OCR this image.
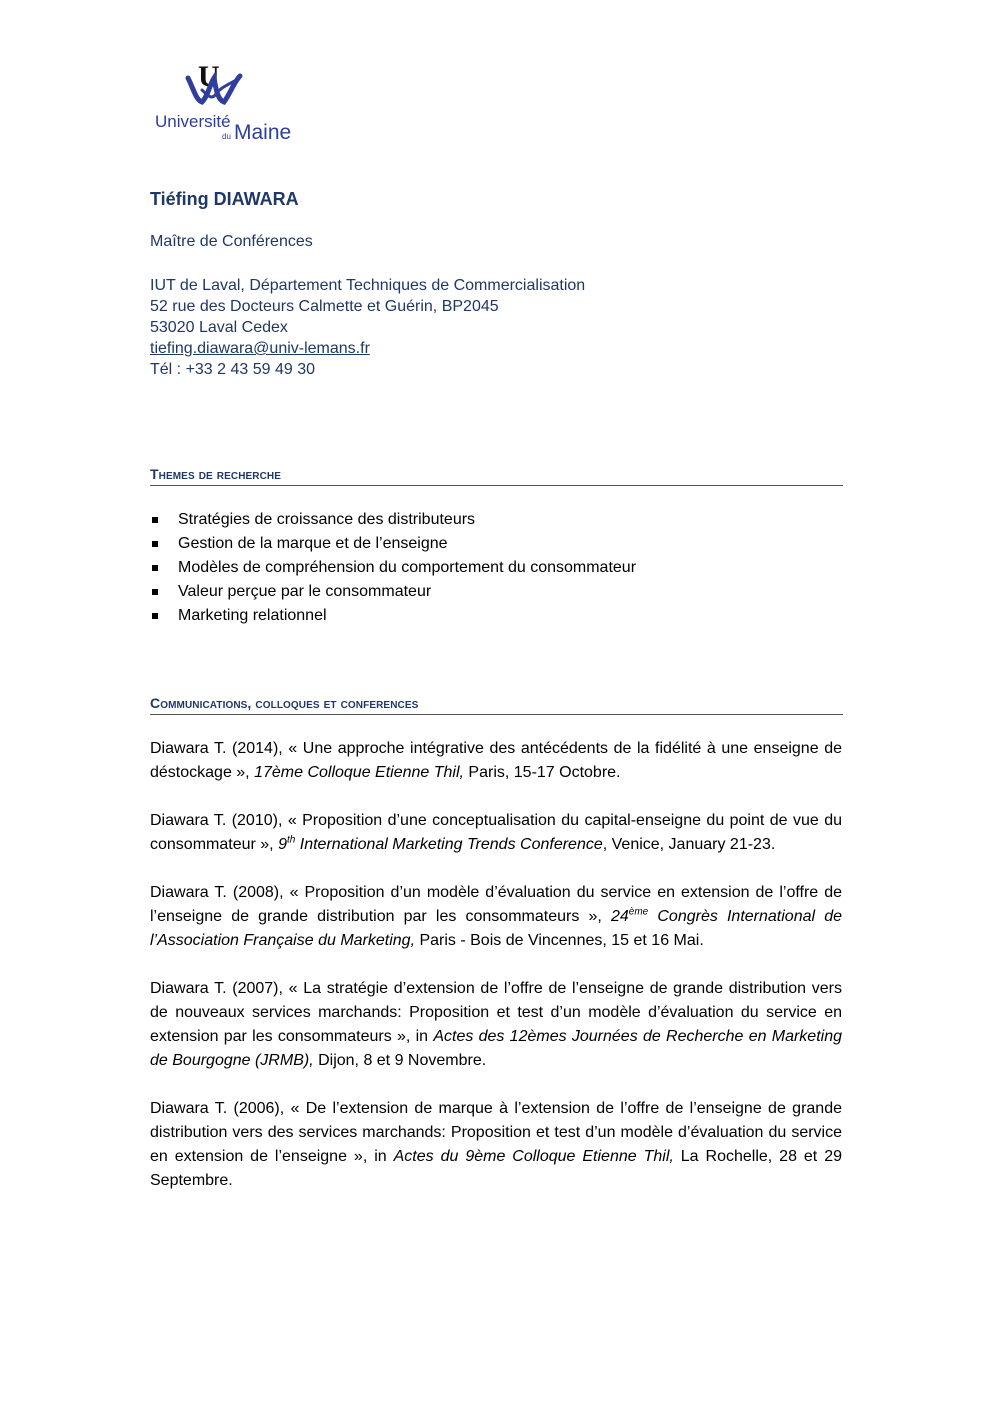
U
Université
du Maine
Tiéfing DIAWARA
Maître de Conférences
IUT de Laval, Département Techniques de Commercialisation
52 rue des Docteurs Calmette et Guérin, BP2045
53020 Laval Cedex
tiefing.diawara@univ-lemans.fr
Tél : +33 2 43 59 49 30
Themes de recherche
Stratégies de croissance des distributeurs
Gestion de la marque et de l’enseigne
Modèles de compréhension du comportement du consommateur
Valeur perçue par le consommateur
Marketing relationnel
Communications, colloques et conferences

Diawara T. (2014), « Une approche intégrative des antécédents de la fidélité à une enseigne de déstockage », 17ème Colloque Etienne Thil, Paris, 15-17 Octobre.

Diawara T. (2010), « Proposition d’une conceptualisation du capital-enseigne du point de vue du consommateur », 9th International Marketing Trends Conference, Venice, January 21-23.

Diawara T. (2008), « Proposition d’un modèle d’évaluation du service en extension de l’offre de l’enseigne de grande distribution par les consommateurs », 24ème Congrès International de l’Association Française du Marketing, Paris - Bois de Vincennes, 15 et 16 Mai.

Diawara T. (2007), « La stratégie d’extension de l’offre de l’enseigne de grande distribution vers de nouveaux services marchands: Proposition et test d’un modèle d’évaluation du service en extension par les consommateurs », in Actes des 12èmes Journées de Recherche en Marketing de Bourgogne (JRMB), Dijon, 8 et 9 Novembre.

Diawara T. (2006), « De l’extension de marque à l’extension de l’offre de l’enseigne de grande distribution vers des services marchands: Proposition et test d’un modèle d’évaluation du service en extension de l’enseigne », in Actes du 9ème Colloque Etienne Thil, La Rochelle, 28 et 29 Septembre.
